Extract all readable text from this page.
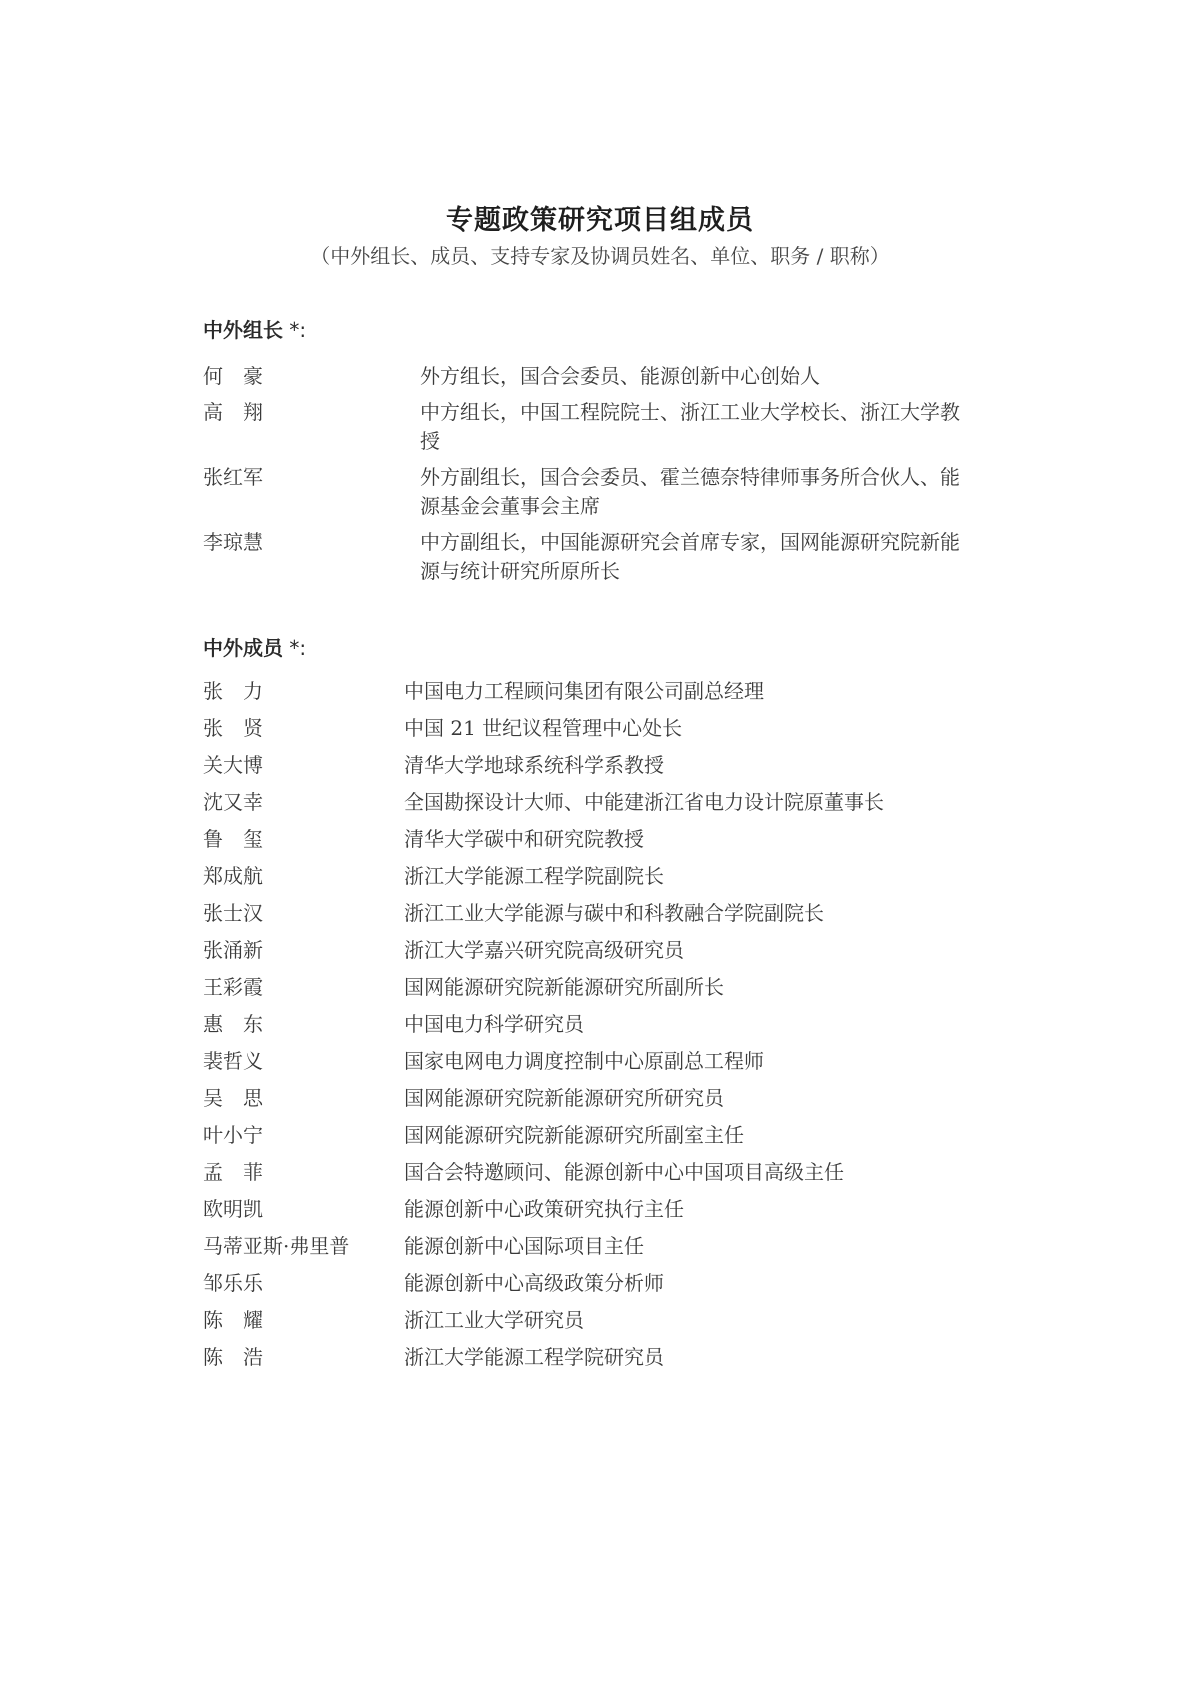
专题政策研究项目组成员
（中外组长、成员、支持专家及协调员姓名、单位、职务 / 职称）
中外组长 *:
何　豪	外方组长，国合会委员、能源创新中心创始人
高　翔	中方组长，中国工程院院士、浙江工业大学校长、浙江大学教授
张红军	外方副组长，国合会委员、霍兰德奈特律师事务所合伙人、能源基金会董事会主席
李琼慧	中方副组长，中国能源研究会首席专家，国网能源研究院新能源与统计研究所原所长
中外成员 *:
张　力	中国电力工程顾问集团有限公司副总经理
张　贤	中国 21 世纪议程管理中心处长
关大博	清华大学地球系统科学系教授
沈又幸	全国勘探设计大师、中能建浙江省电力设计院原董事长
鲁　玺	清华大学碳中和研究院教授
郑成航	浙江大学能源工程学院副院长
张士汉	浙江工业大学能源与碳中和科教融合学院副院长
张涌新	浙江大学嘉兴研究院高级研究员
王彩霞	国网能源研究院新能源研究所副所长
惠　东	中国电力科学研究员
裴哲义	国家电网电力调度控制中心原副总工程师
吴　思	国网能源研究院新能源研究所研究员
叶小宁	国网能源研究院新能源研究所副室主任
孟　菲	国合会特邀顾问、能源创新中心中国项目高级主任
欧明凯	能源创新中心政策研究执行主任
马蒂亚斯·弗里普	能源创新中心国际项目主任
邹乐乐	能源创新中心高级政策分析师
陈　耀	浙江工业大学研究员
陈　浩	浙江大学能源工程学院研究员
